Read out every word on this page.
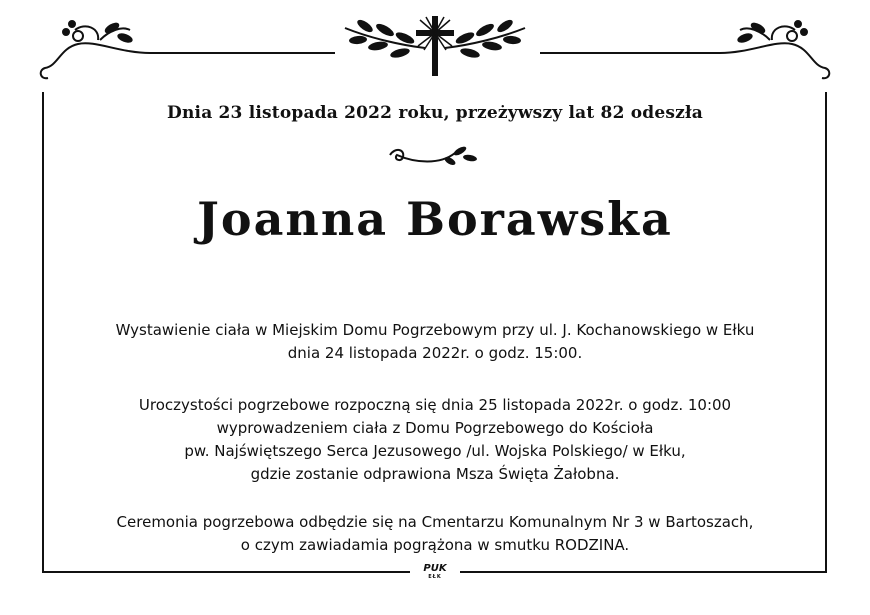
Dnia 23 listopada 2022 roku, przeżywszy lat 82 odeszła
Joanna Borawska
Wystawienie ciała w Miejskim Domu Pogrzebowym przy ul. J. Kochanowskiego w Ełku
dnia 24 listopada 2022r. o godz. 15:00.
Uroczystości pogrzebowe rozpoczną się dnia 25 listopada 2022r. o godz. 10:00
wyprowadzeniem ciała z Domu Pogrzebowego do Kościoła
pw. Najświętszego Serca Jezusowego /ul. Wojska Polskiego/ w Ełku,
gdzie zostanie odprawiona Msza Święta Żałobna.
Ceremonia pogrzebowa odbędzie się na Cmentarzu Komunalnym Nr 3 w Bartoszach,
o czym zawiadamia pogrążona w smutku RODZINA.
PUK
EŁK
